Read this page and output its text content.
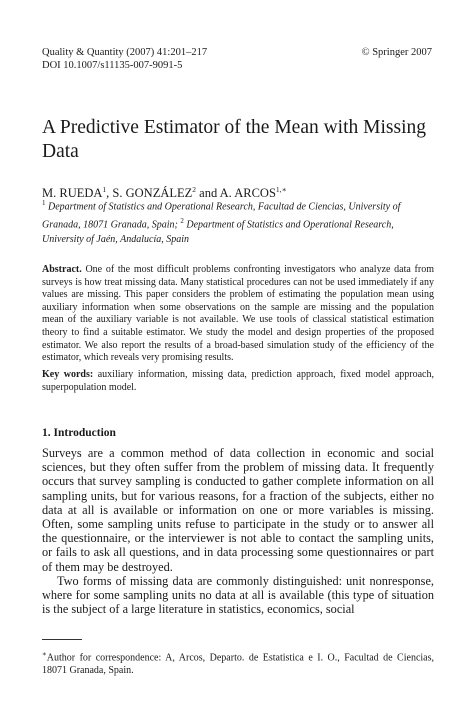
Quality & Quantity (2007) 41:201–217
DOI 10.1007/s11135-007-9091-5
© Springer 2007
A Predictive Estimator of the Mean with Missing Data
M. RUEDA$^1$, S. GONZÁLEZ$^2$ and A. $ARCOS^{1,∗}$
$^1$ Department of Statistics and Operational Research, Facultad de Ciencias, University of Granada, 18071 Granada, Spain; $^2$ Department of Statistics and Operational Research, University of Jaén, Andalucía, Spain
Abstract. One of the most difficult problems confronting investigators who analyze data from surveys is how treat missing data. Many statistical procedures can not be used immediately if any values are missing. This paper considers the problem of estimating the population mean using auxiliary information when some observations on the sample are missing and the population mean of the auxiliary variable is not available. We use tools of classical statistical estimation theory to find a suitable estimator. We study the model and design properties of the proposed estimator. We also report the results of a broad-based simulation study of the efficiency of the estimator, which reveals very promising results.
Key words: auxiliary information, missing data, prediction approach, fixed model approach, superpopulation model.
1. Introduction

Surveys are a common method of data collection in economic and social sciences, but they often suffer from the problem of missing data. It frequently occurs that survey sampling is conducted to gather complete information on all sampling units, but for various reasons, for a fraction of the subjects, either no data at all is available or information on one or more variables is missing. Often, some sampling units refuse to participate in the study or to answer all the questionnaire, or the interviewer is not able to contact the sampling units, or fails to ask all questions, and in data processing some questionnaires or part of them may be destroyed.

Two forms of missing data are commonly distinguished: unit nonresponse, where for some sampling units no data at all is available (this type of situation is the subject of a large literature in statistics, economics, social

∗Author for correspondence: A, Arcos, Departo. de Estatistica e I. O., Facultad de Ciencias, 18071 Granada, Spain.
